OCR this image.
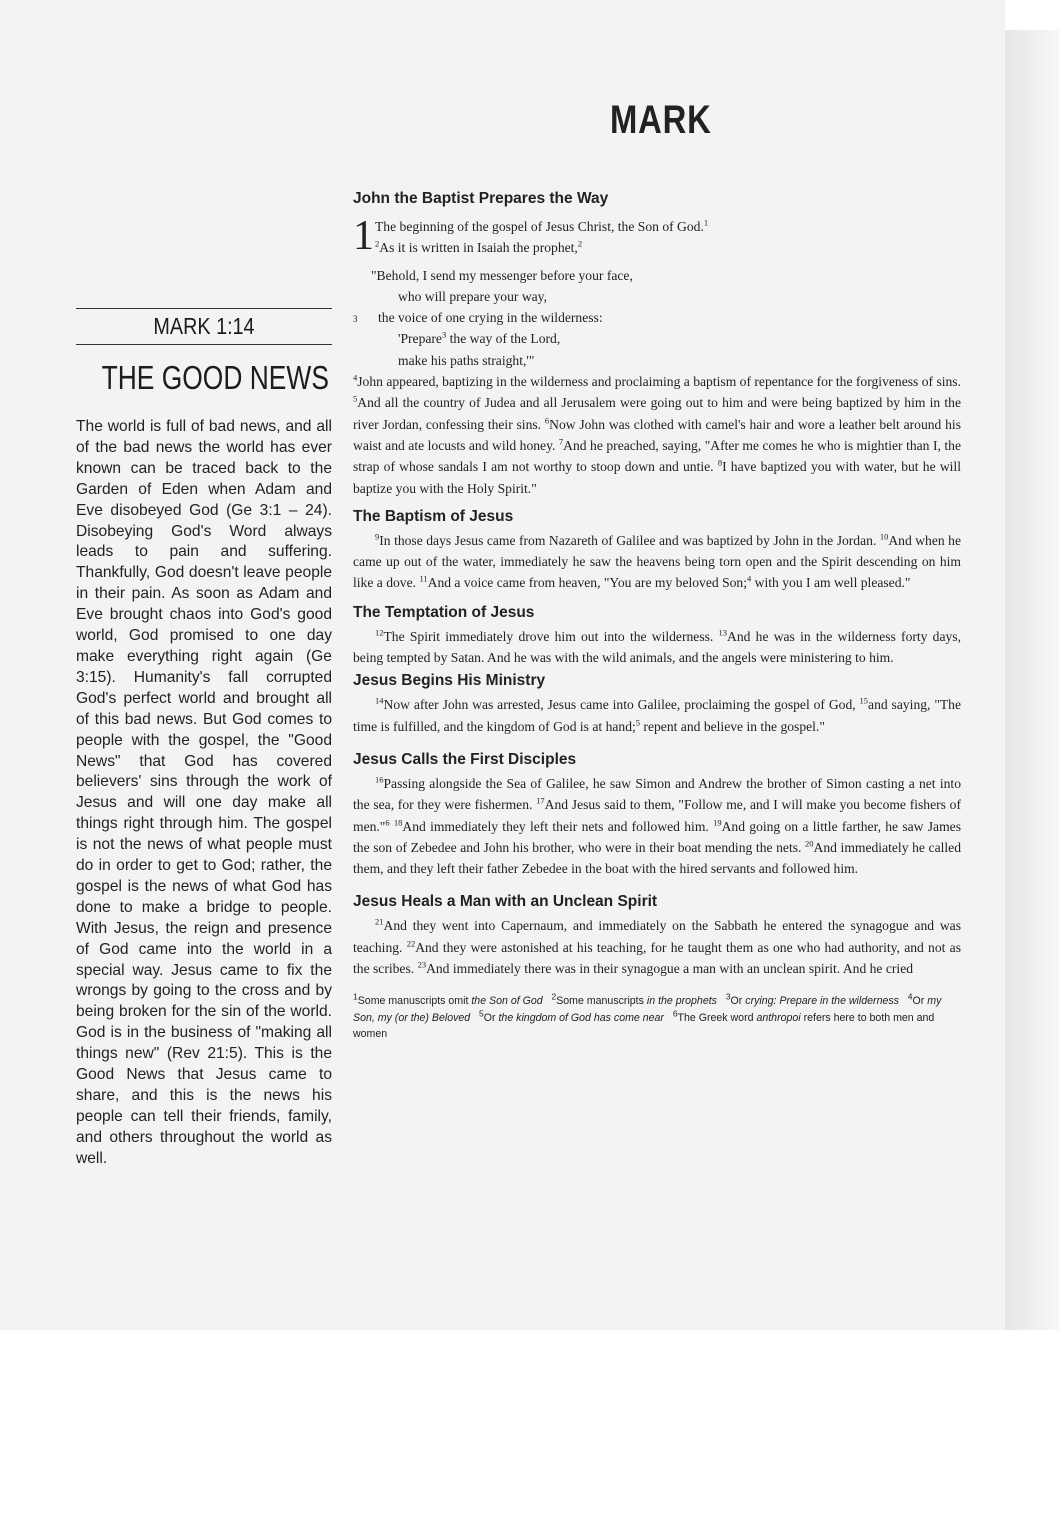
MARK
MARK 1:14
THE GOOD NEWS
The world is full of bad news, and all of the bad news the world has ever known can be traced back to the Garden of Eden when Adam and Eve disobeyed God (Ge 3:1 – 24). Disobeying God's Word always leads to pain and suffering. Thankfully, God doesn't leave people in their pain. As soon as Adam and Eve brought chaos into God's good world, God promised to one day make everything right again (Ge 3:15). Humanity's fall corrupted God's perfect world and brought all of this bad news. But God comes to people with the gospel, the "Good News" that God has covered believers' sins through the work of Jesus and will one day make all things right through him. The gospel is not the news of what people must do in order to get to God; rather, the gospel is the news of what God has done to make a bridge to people. With Jesus, the reign and presence of God came into the world in a special way. Jesus came to fix the wrongs by going to the cross and by being broken for the sin of the world. God is in the business of "making all things new" (Rev 21:5). This is the Good News that Jesus came to share, and this is the news his people can tell their friends, family, and others throughout the world as well.
John the Baptist Prepares the Way
1 The beginning of the gospel of Jesus Christ, the Son of God.$^1$
$^2$As it is written in Isaiah the prophet,$^2$
"Behold, I send my messenger before your face,
who will prepare your way,
3 the voice of one crying in the wilderness:
'Prepare$^3$ the way of the Lord,
make his paths straight,'"

$^4$John appeared, baptizing in the wilderness and proclaiming a baptism of repentance for the forgiveness of sins. $^5$And all the country of Judea and all Jerusalem were going out to him and were being baptized by him in the river Jordan, confessing their sins. $^6$Now John was clothed with camel's hair and wore a leather belt around his waist and ate locusts and wild honey. $^7$And he preached, saying, "After me comes he who is mightier than I, the strap of whose sandals I am not worthy to stoop down and untie. $^8$I have baptized you with water, but he will baptize you with the Holy Spirit."

The Baptism of Jesus

$^9$In those days Jesus came from Nazareth of Galilee and was baptized by John in the Jordan. $^{10}$And when he came up out of the water, immediately he saw the heavens being torn open and the Spirit descending on him like a dove. $^{11}$And a voice came from heaven, "You are my beloved Son;$^4$ with you I am well pleased."

The Temptation of Jesus

$^{12}$The Spirit immediately drove him out into the wilderness. $^{13}$And he was in the wilderness forty days, being tempted by Satan. And he was with the wild animals, and the angels were ministering to him.

Jesus Begins His Ministry

$^{14}$Now after John was arrested, Jesus came into Galilee, proclaiming the gospel of God, $^{15}$and saying, "The time is fulfilled, and the kingdom of God is at hand;$^5$ repent and believe in the gospel."

Jesus Calls the First Disciples

$^{16}$Passing alongside the Sea of Galilee, he saw Simon and Andrew the brother of Simon casting a net into the sea, for they were fishermen. $^{17}$And Jesus said to them, "Follow me, and I will make you become fishers of men."$^6$ $^{18}$And immediately they left their nets and followed him. $^{19}$And going on a little farther, he saw James the son of Zebedee and John his brother, who were in their boat mending the nets. $^{20}$And immediately he called them, and they left their father Zebedee in the boat with the hired servants and followed him.

Jesus Heals a Man with an Unclean Spirit

$^{21}$And they went into Capernaum, and immediately on the Sabbath he entered the synagogue and was teaching. $^{22}$And they were astonished at his teaching, for he taught them as one who had authority, and not as the scribes. $^{23}$And immediately there was in their synagogue a man with an unclean spirit. And he cried

$^1$Some manuscripts omit the Son of God $^2$Some manuscripts in the prophets $^3$Or crying: Prepare in the wilderness $^4$Or my Son, my (or the) Beloved $^5$Or the kingdom of God has come near $^6$The Greek word anthropoi refers here to both men and women
